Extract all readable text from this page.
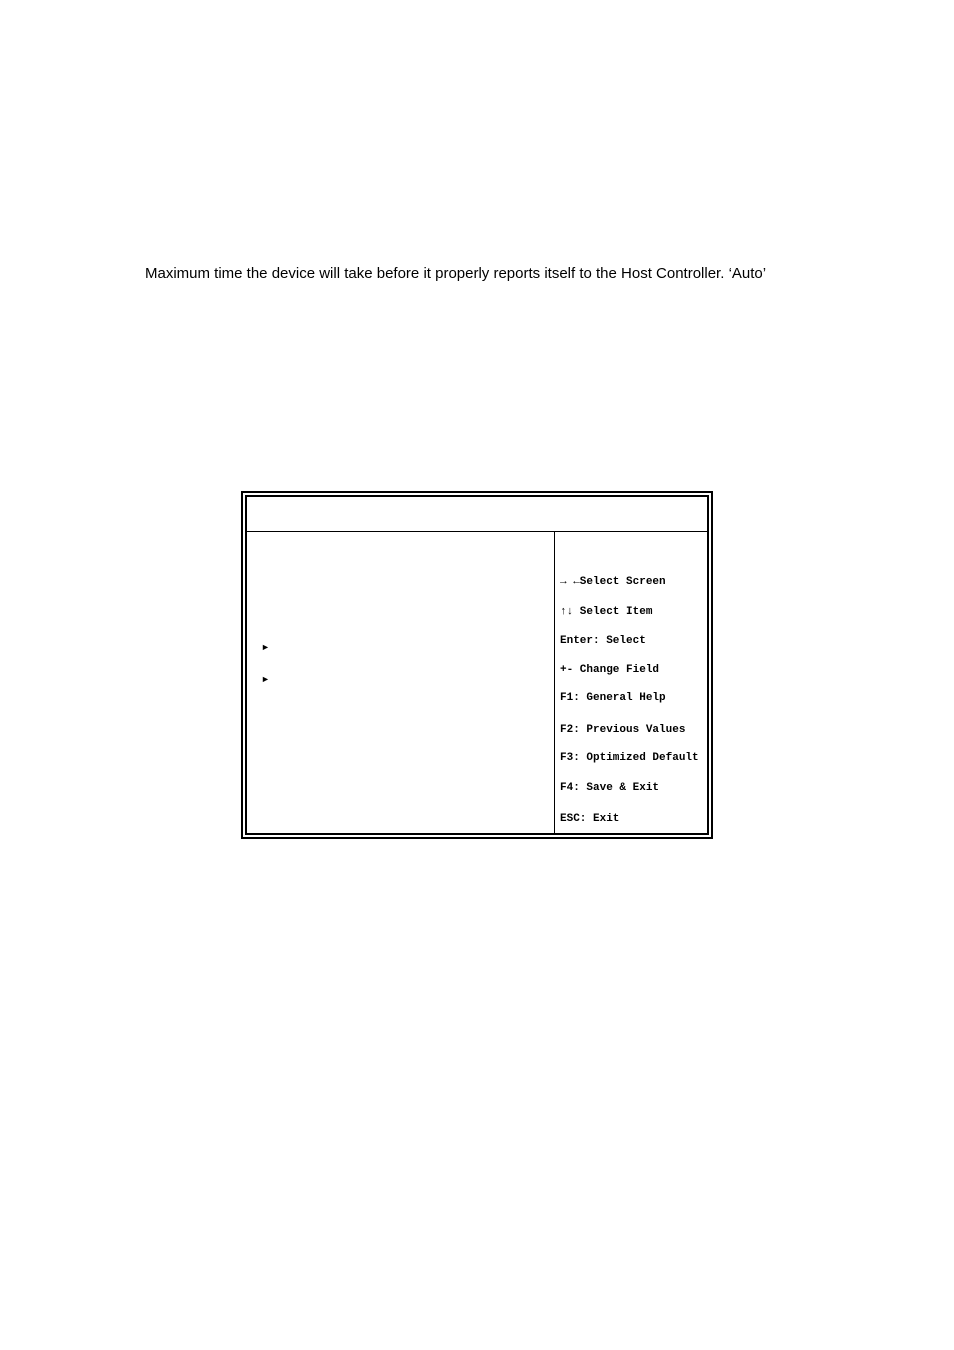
Maximum time the device will take before it properly reports itself to the Host Controller. ‘Auto’
►
►
→ ←Select Screen
↑↓ Select Item
Enter: Select
+- Change Field
F1: General Help
F2: Previous Values
F3: Optimized Default
F4: Save & Exit
ESC: Exit
